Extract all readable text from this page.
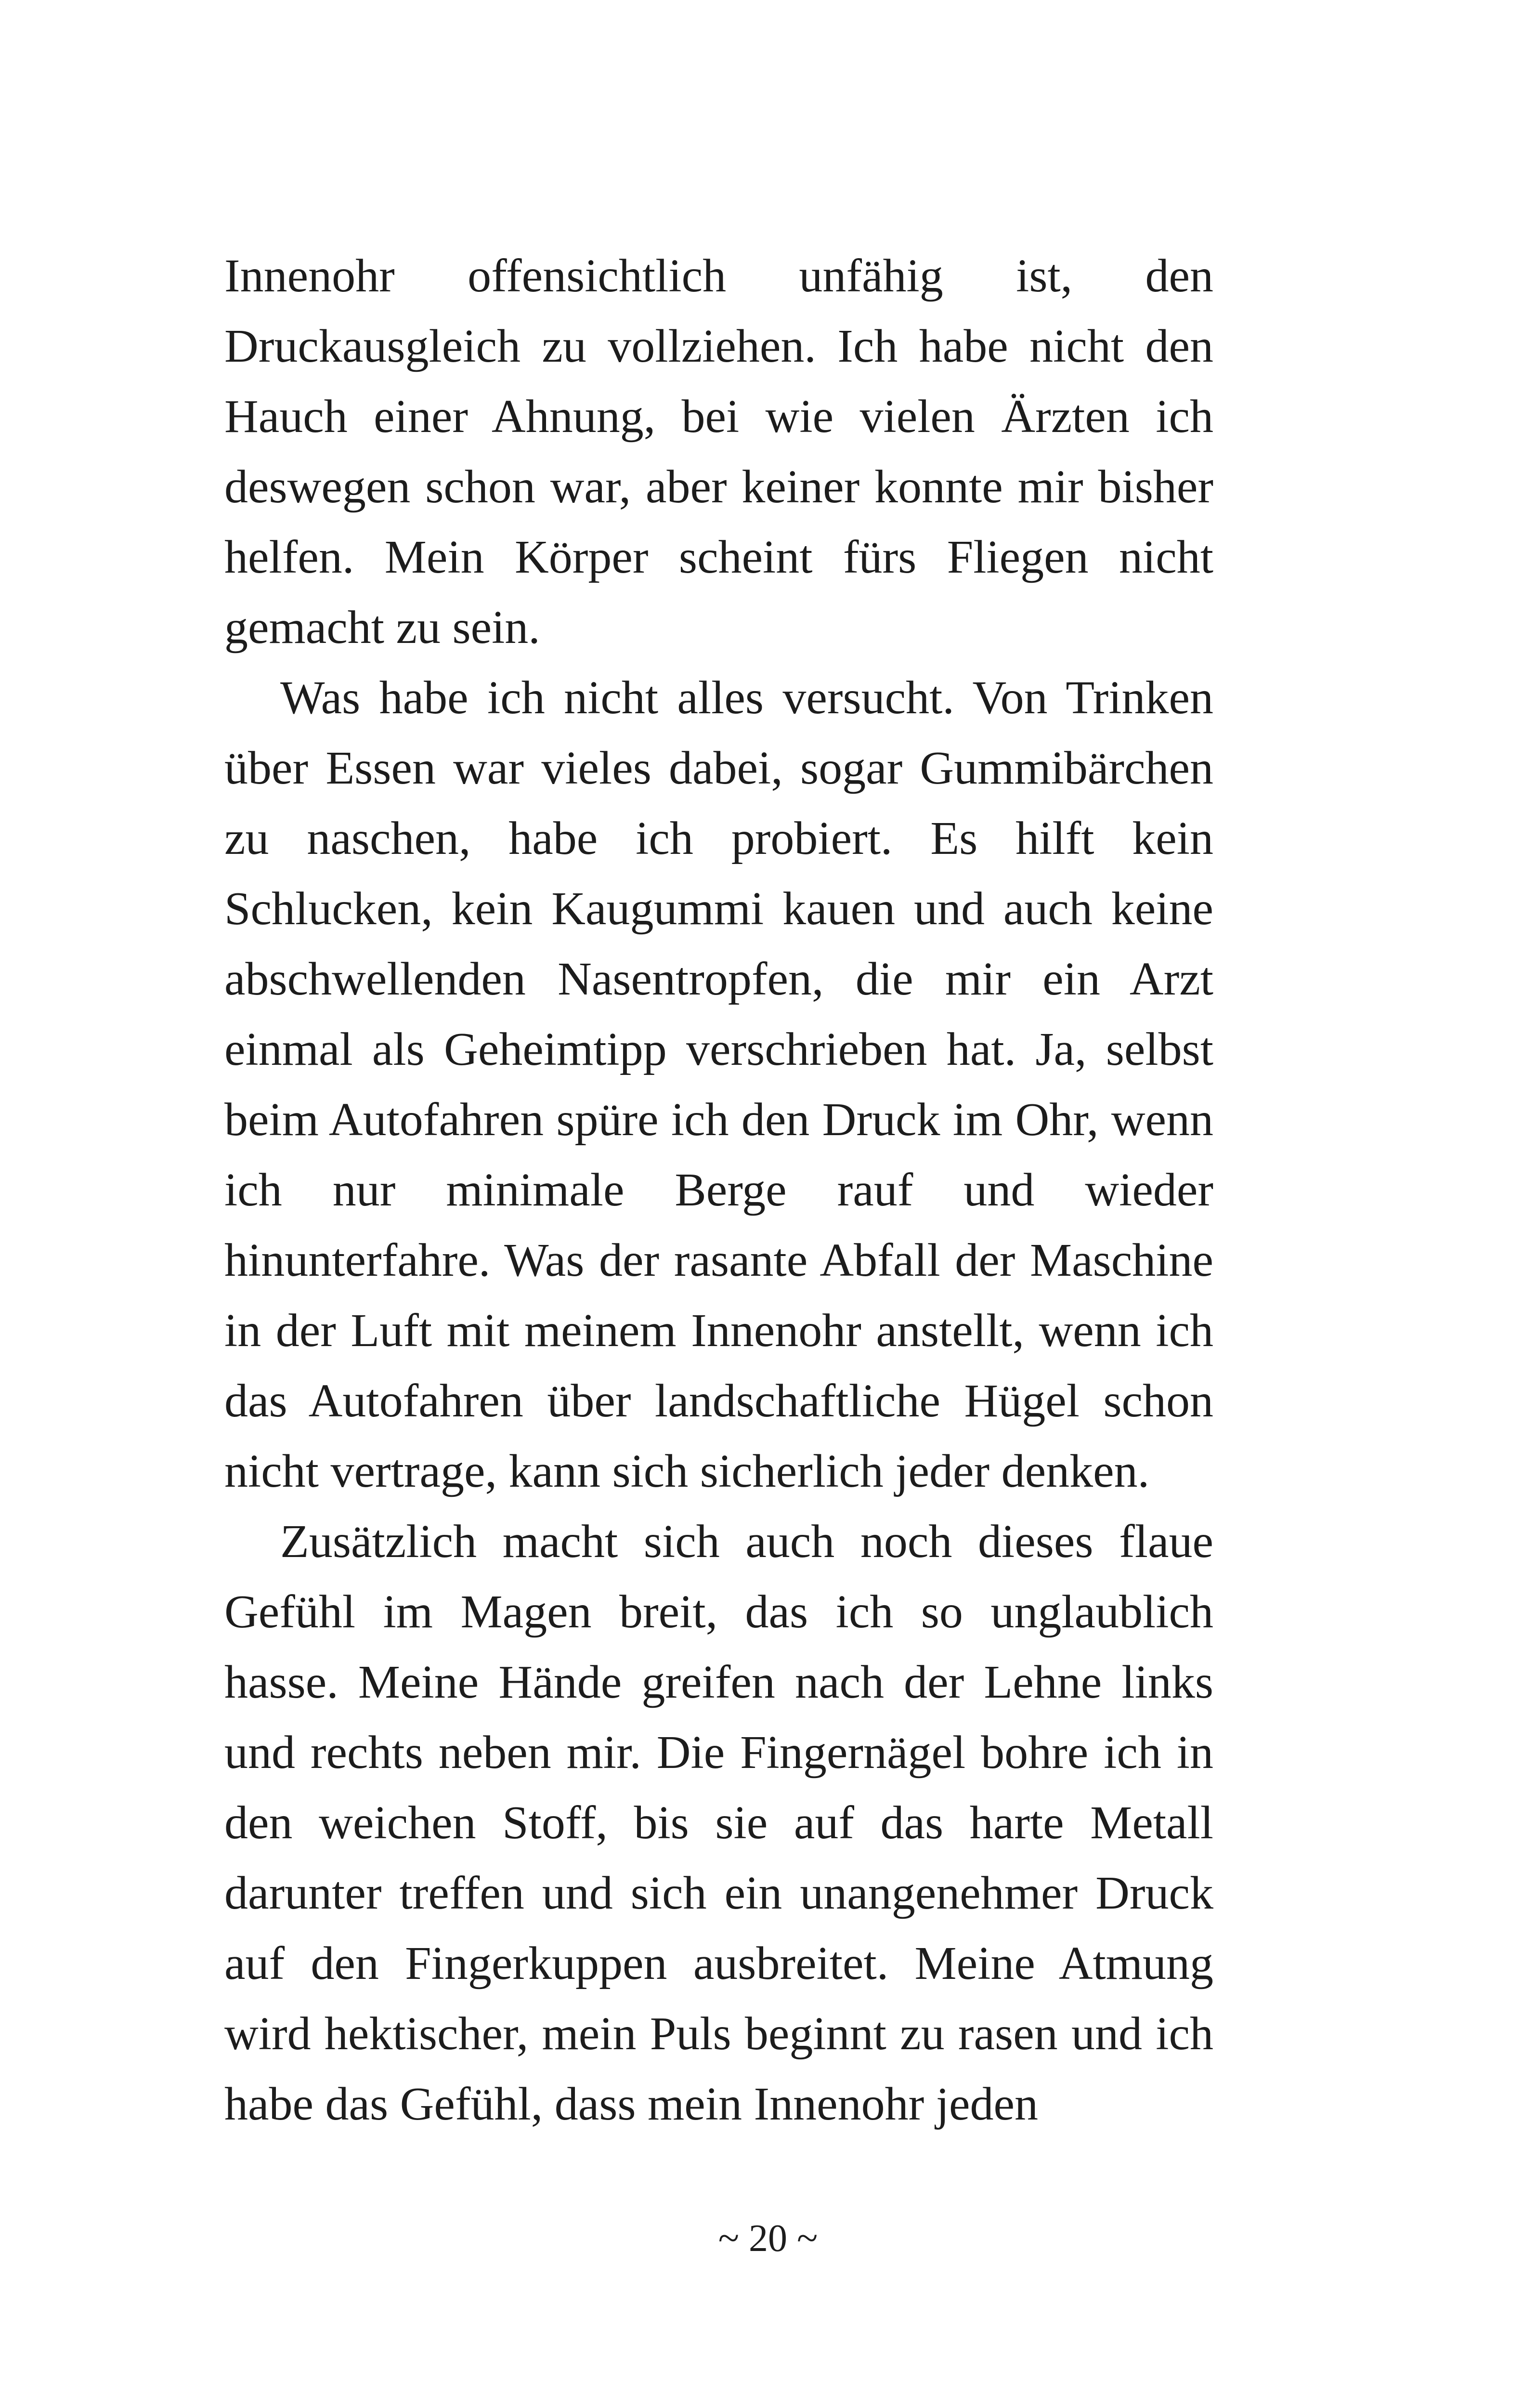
Innenohr offensichtlich unfähig ist, den Druckausgleich zu vollziehen. Ich habe nicht den Hauch einer Ahnung, bei wie vielen Ärzten ich deswegen schon war, aber keiner konnte mir bisher helfen. Mein Körper scheint fürs Fliegen nicht gemacht zu sein.

Was habe ich nicht alles versucht. Von Trinken über Essen war vieles dabei, sogar Gummibärchen zu naschen, habe ich probiert. Es hilft kein Schlucken, kein Kaugummi kauen und auch keine abschwellenden Nasentropfen, die mir ein Arzt einmal als Geheimtipp verschrieben hat. Ja, selbst beim Autofahren spüre ich den Druck im Ohr, wenn ich nur minimale Berge rauf und wieder hinunterfahre. Was der rasante Abfall der Maschine in der Luft mit meinem Innenohr anstellt, wenn ich das Autofahren über landschaftliche Hügel schon nicht vertrage, kann sich sicherlich jeder denken.

Zusätzlich macht sich auch noch dieses flaue Gefühl im Magen breit, das ich so unglaublich hasse. Meine Hände greifen nach der Lehne links und rechts neben mir. Die Fingernägel bohre ich in den weichen Stoff, bis sie auf das harte Metall darunter treffen und sich ein unangenehmer Druck auf den Fingerkuppen ausbreitet. Meine Atmung wird hektischer, mein Puls beginnt zu rasen und ich habe das Gefühl, dass mein Innenohr jeden

~ 20 ~
